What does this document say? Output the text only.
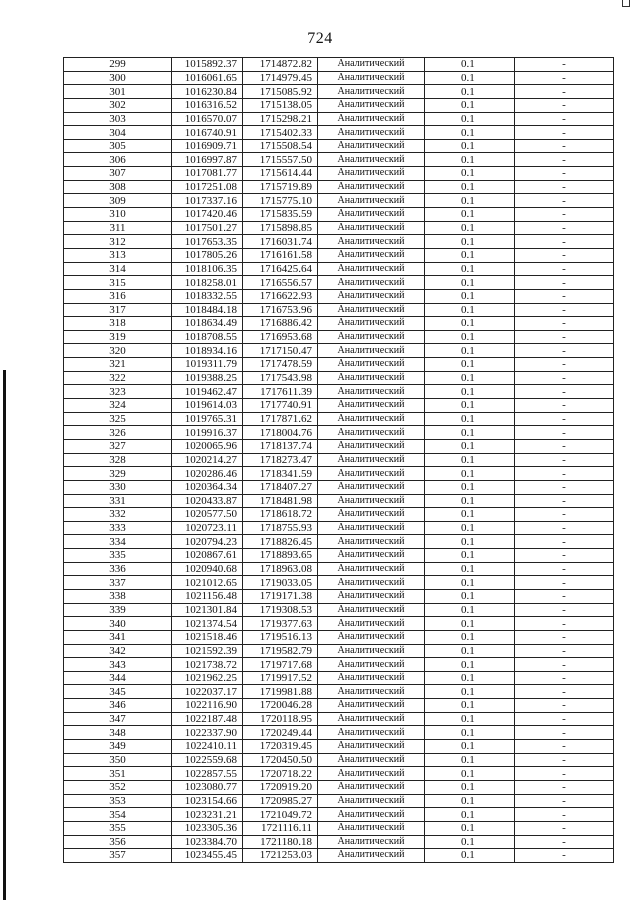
724
299	1015892.37	1714872.82	Аналитический	0.1	-
300	1016061.65	1714979.45	Аналитический	0.1	-
301	1016230.84	1715085.92	Аналитический	0.1	-
302	1016316.52	1715138.05	Аналитический	0.1	-
303	1016570.07	1715298.21	Аналитический	0.1	-
304	1016740.91	1715402.33	Аналитический	0.1	-
305	1016909.71	1715508.54	Аналитический	0.1	-
306	1016997.87	1715557.50	Аналитический	0.1	-
307	1017081.77	1715614.44	Аналитический	0.1	-
308	1017251.08	1715719.89	Аналитический	0.1	-
309	1017337.16	1715775.10	Аналитический	0.1	-
310	1017420.46	1715835.59	Аналитический	0.1	-
311	1017501.27	1715898.85	Аналитический	0.1	-
312	1017653.35	1716031.74	Аналитический	0.1	-
313	1017805.26	1716161.58	Аналитический	0.1	-
314	1018106.35	1716425.64	Аналитический	0.1	-
315	1018258.01	1716556.57	Аналитический	0.1	-
316	1018332.55	1716622.93	Аналитический	0.1	-
317	1018484.18	1716753.96	Аналитический	0.1	-
318	1018634.49	1716886.42	Аналитический	0.1	-
319	1018708.55	1716953.68	Аналитический	0.1	-
320	1018934.16	1717150.47	Аналитический	0.1	-
321	1019311.79	1717478.59	Аналитический	0.1	-
322	1019388.25	1717543.98	Аналитический	0.1	-
323	1019462.47	1717611.39	Аналитический	0.1	-
324	1019614.03	1717740.91	Аналитический	0.1	-
325	1019765.31	1717871.62	Аналитический	0.1	-
326	1019916.37	1718004.76	Аналитический	0.1	-
327	1020065.96	1718137.74	Аналитический	0.1	-
328	1020214.27	1718273.47	Аналитический	0.1	-
329	1020286.46	1718341.59	Аналитический	0.1	-
330	1020364.34	1718407.27	Аналитический	0.1	-
331	1020433.87	1718481.98	Аналитический	0.1	-
332	1020577.50	1718618.72	Аналитический	0.1	-
333	1020723.11	1718755.93	Аналитический	0.1	-
334	1020794.23	1718826.45	Аналитический	0.1	-
335	1020867.61	1718893.65	Аналитический	0.1	-
336	1020940.68	1718963.08	Аналитический	0.1	-
337	1021012.65	1719033.05	Аналитический	0.1	-
338	1021156.48	1719171.38	Аналитический	0.1	-
339	1021301.84	1719308.53	Аналитический	0.1	-
340	1021374.54	1719377.63	Аналитический	0.1	-
341	1021518.46	1719516.13	Аналитический	0.1	-
342	1021592.39	1719582.79	Аналитический	0.1	-
343	1021738.72	1719717.68	Аналитический	0.1	-
344	1021962.25	1719917.52	Аналитический	0.1	-
345	1022037.17	1719981.88	Аналитический	0.1	-
346	1022116.90	1720046.28	Аналитический	0.1	-
347	1022187.48	1720118.95	Аналитический	0.1	-
348	1022337.90	1720249.44	Аналитический	0.1	-
349	1022410.11	1720319.45	Аналитический	0.1	-
350	1022559.68	1720450.50	Аналитический	0.1	-
351	1022857.55	1720718.22	Аналитический	0.1	-
352	1023080.77	1720919.20	Аналитический	0.1	-
353	1023154.66	1720985.27	Аналитический	0.1	-
354	1023231.21	1721049.72	Аналитический	0.1	-
355	1023305.36	1721116.11	Аналитический	0.1	-
356	1023384.70	1721180.18	Аналитический	0.1	-
357	1023455.45	1721253.03	Аналитический	0.1	-
